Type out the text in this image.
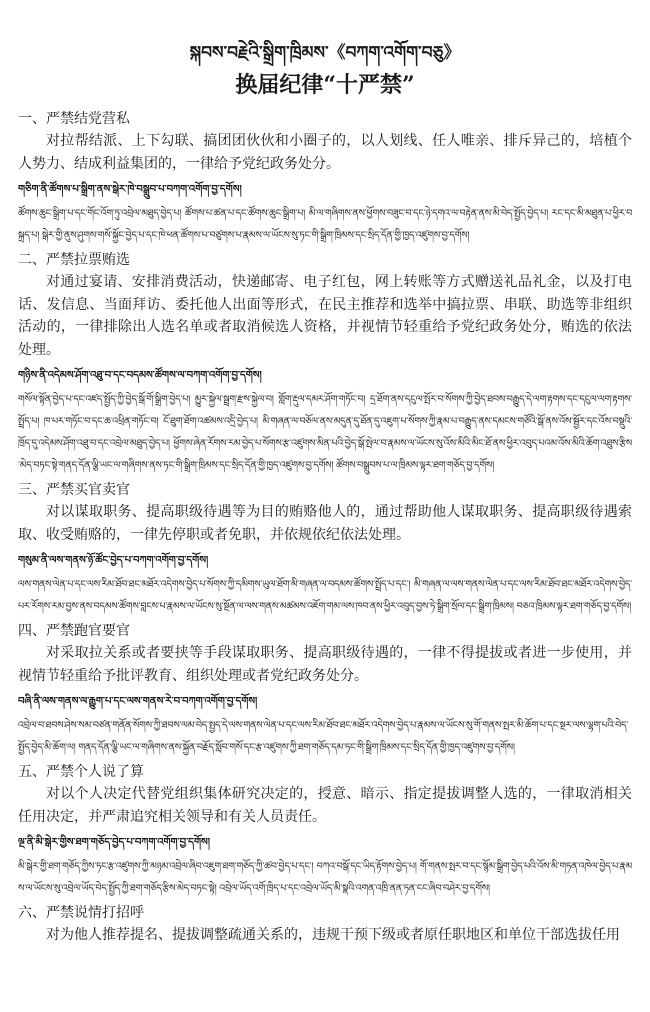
སྐབས་བརྗེའི་སྒྲིག་ཁྲིམས་《བཀག་འགོག་བཅུ》
换届纪律“十严禁”

一、严禁结党营私

对拉帮结派、上下勾联、搞团团伙伙和小圈子的，以人划线、任人唯亲、排斥异己的，培植个人势力、结成利益集团的，一律给予党纪政务处分。

གཅིག་ནི་ཚོགས་པ་སྒྲིག་ནས་སྒེར་ཁེ་བསྒྲུབ་པ་བཀག་འགོག་བྱ་དགོས།

ཚོགས་ཆུང་སྒྲིག་པ་དང་གོང་འོག་ཏུ་འབྲེལ་མཐུད་བྱེད་པ། ཚོགས་པ་ཚན་པ་དང་ཚོགས་ཆུང་སྒྲིག་པ། མི་ལ་གཞིགས་ནས་ཕྱོགས་བཟུང་བ་དང་ཉེ་དགའ་ལ་བརྟེན་ནས་མི་བེད་སྤྱོད་བྱེད་པ། རང་དང་མི་མཐུན་པ་ཕྱིར་བསྐྲད་པ། སྒེར་གྱི་ནུས་ཤུགས་གསོ་སྐྱོང་བྱེད་པ་དང་ཁེ་ཕན་ཚོགས་པ་བཙུགས་པ་རྣམས་ལ་ཡོངས་སུ་ཏང་གི་སྒྲིག་ཁྲིམས་དང་སྲིད་དོན་གྱི་ཁྱད་འཛུགས་བྱ་དགོས།

二、严禁拉票贿选

对通过宴请、安排消费活动，快递邮寄、电子红包，网上转账等方式赠送礼品礼金，以及打电话、发信息、当面拜访、委托他人出面等形式，在民主推荐和选举中搞拉票、串联、助选等非组织活动的，一律排除出人选名单或者取消候选人资格，并视情节轻重给予党纪政务处分，贿选的依法处理。

གཉིས་ནི་འདེམས་ཤོག་འཐུ་བ་དང་བདམས་ཚོགས་ལ་བཀག་འགོག་བྱ་དགོས།

གསོལ་སྟོན་བྱེད་པ་དང་འཛད་སྤྱོད་ཀྱི་བྱེད་སྒོ་གོ་སྒྲིག་བྱེད་པ། མྱུར་སྐྱེལ་སྦྲག་རྫས་སྐྱེལ་བ། གློག་རྡུལ་དམར་ཤོག་གཏོང་བ། དྲ་ཐོག་ནས་དངུལ་སྤོར་བ་སོགས་ཀྱི་བྱེད་ཐབས་བརྒྱུད་དེ་ལག་རྟགས་དང་དངུལ་ལག་རྟགས་སྤྲོད་པ། ཁ་པར་གཏོང་བ་དང་ཆ་འཕྲིན་གཏོང་བ། ངོ་ཐུག་ཐོག་འཚམས་འདྲི་བྱེད་པ། མི་གཞན་ལ་བཅོལ་ནས་མདུན་དུ་ཐོན་དུ་འཇུག་པ་སོགས་ཀྱི་རྣམ་པ་བརྒྱུད་ནས་དམངས་གཙོའི་སྒོ་ནས་འོས་སྦྱོར་དང་འོས་བསྡུའི་ཁྲོད་དུ་འདེམས་ཤོག་འཐུ་བ་དང་འབྲེལ་མཐུད་བྱེད་པ། ཕྱོགས་ཞེན་རོགས་རམ་བྱེད་པ་སོགས་རྩ་འཛུགས་མིན་པའི་བྱེད་སྒོ་སྤེལ་བ་རྣམས་ལ་ཡོངས་སུ་འོས་མིའི་མིང་ཐོ་ནས་ཕྱིར་འབུད་པའམ་འོས་མིའི་ཆོག་འཐུས་རྩིས་མེད་བཏང་སྟེ་གནད་དོན་ལྕི་ཡང་ལ་གཞིགས་ནས་ཏང་གི་སྒྲིག་ཁྲིམས་དང་སྲིད་དོན་གྱི་ཁྱད་འཛུགས་བྱ་དགོས། ཚོགས་བསྒྲུབས་པ་ལ་ཁྲིམས་ལྟར་ཐག་གཅོད་བྱ་དགོས།

三、严禁买官卖官

对以谋取职务、提高职级待遇等为目的贿赂他人的，通过帮助他人谋取职务、提高职级待遇索取、收受贿赂的，一律先停职或者免职，并依规依纪依法处理。

གསུམ་ནི་ལས་གནས་ཉོ་ཚོང་བྱེད་པ་བཀག་འགོག་བྱ་དགོས།

ལས་གནས་ལེན་པ་དང་ལས་རིམ་ཐོབ་ཐང་མཐོར་འདེགས་བྱེད་པ་སོགས་ཀྱི་དམིགས་ཡུལ་ཐོག་མི་གཞན་ལ་བདམས་ཚོགས་སྤྲོད་པ་དང་། མི་གཞན་ལ་ལས་གནས་ལེན་པ་དང་ལས་རིམ་ཐོབ་ཐང་མཐོར་འདེགས་བྱེད་པར་རོགས་རམ་བྱས་ནས་བདམས་ཚོགས་བླངས་པ་རྣམས་ལ་ཡོངས་སུ་སྔོན་ལ་ལས་གནས་མཚམས་འཇོག་གམ་ལས་ཁབ་ནས་ཕྱིར་འབུད་བྱས་ཏེ་སྒྲིག་སྲོལ་དང་སྒྲིག་ཁྲིམས། བཅའ་ཁྲིམས་ལྟར་ཐག་གཅོད་བྱ་དགོས།

四、严禁跑官要官

对采取拉关系或者要挟等手段谋取职务、提高职级待遇的，一律不得提拔或者进一步使用，并视情节轻重给予批评教育、组织处理或者党纪政务处分。

བཞི་ནི་ལས་གནས་ལ་རྒྱུག་པ་དང་ལས་གནས་རེ་བ་བཀག་འགོག་བྱ་དགོས།

འབྲེལ་བ་ཐབས་ཤེས་སམ་བཙན་གནོན་སོགས་ཀྱི་ཐབས་ལམ་བེད་སྤྱད་དེ་ལས་གནས་ལེན་པ་དང་ལས་རིམ་ཐོབ་ཐང་མཐོར་འདེགས་བྱེད་པ་རྣམས་ལ་ཡོངས་སུ་གོ་གནས་སྤར་མི་ཆོག་པ་དང་སྔར་ལས་ལྷག་པའི་བེད་སྤྱོད་བྱེད་མི་ཆོག་ལ། གནད་དོན་ལྕི་ཡང་ལ་གཞིགས་ནས་སྐྱོན་བརྗོད་སློབ་གསོ་དང་རྩ་འཛུགས་ཀྱི་ཐག་གཅོད་དམ་ཏང་གི་སྒྲིག་ཁྲིམས་དང་སྲིད་དོན་གྱི་ཁྱད་འཛུགས་བྱ་དགོས།

五、严禁个人说了算

对以个人决定代替党组织集体研究决定的，授意、暗示、指定提拔调整人选的，一律取消相关任用决定，并严肃追究相关领导和有关人员责任。

ལྔ་ནི་མི་སྒེར་གྱིས་ཐག་གཅོད་བྱེད་པ་བཀག་འགོག་བྱ་དགོས།

མི་སྒེར་གྱི་ཐག་གཅོད་ཀྱིས་ཏང་རྩ་འཛུགས་ཀྱི་མཉམ་འབྲེལ་ཞིབ་འཇུག་ཐག་གཅོད་ཀྱི་ཚབ་བྱེད་པ་དང་། བཀའ་བསྒོ་དང་ཡིད་རྟོགས་བྱེད་པ། གོ་གནས་སྤར་བ་དང་སྙོམ་སྒྲིག་བྱེད་པའི་འོས་མི་གཏན་འཁེལ་བྱེད་པ་རྣམས་ལ་ཡོངས་སུ་འབྲེལ་ཡོད་བེད་སྤྱོད་ཀྱི་ཐག་གཅོད་རྩིས་མེད་བཏང་སྟེ། འབྲེལ་ཡོད་འགོ་ཁྲིད་པ་དང་འབྲེལ་ཡོད་མི་སྣའི་འགན་འཁྲི་ནན་ཏན་ངང་ཞིབ་བཤེར་བྱ་དགོས།

六、严禁说情打招呼

对为他人推荐提名、提拔调整疏通关系的，违规干预下级或者原任职地区和单位干部选拔任用
